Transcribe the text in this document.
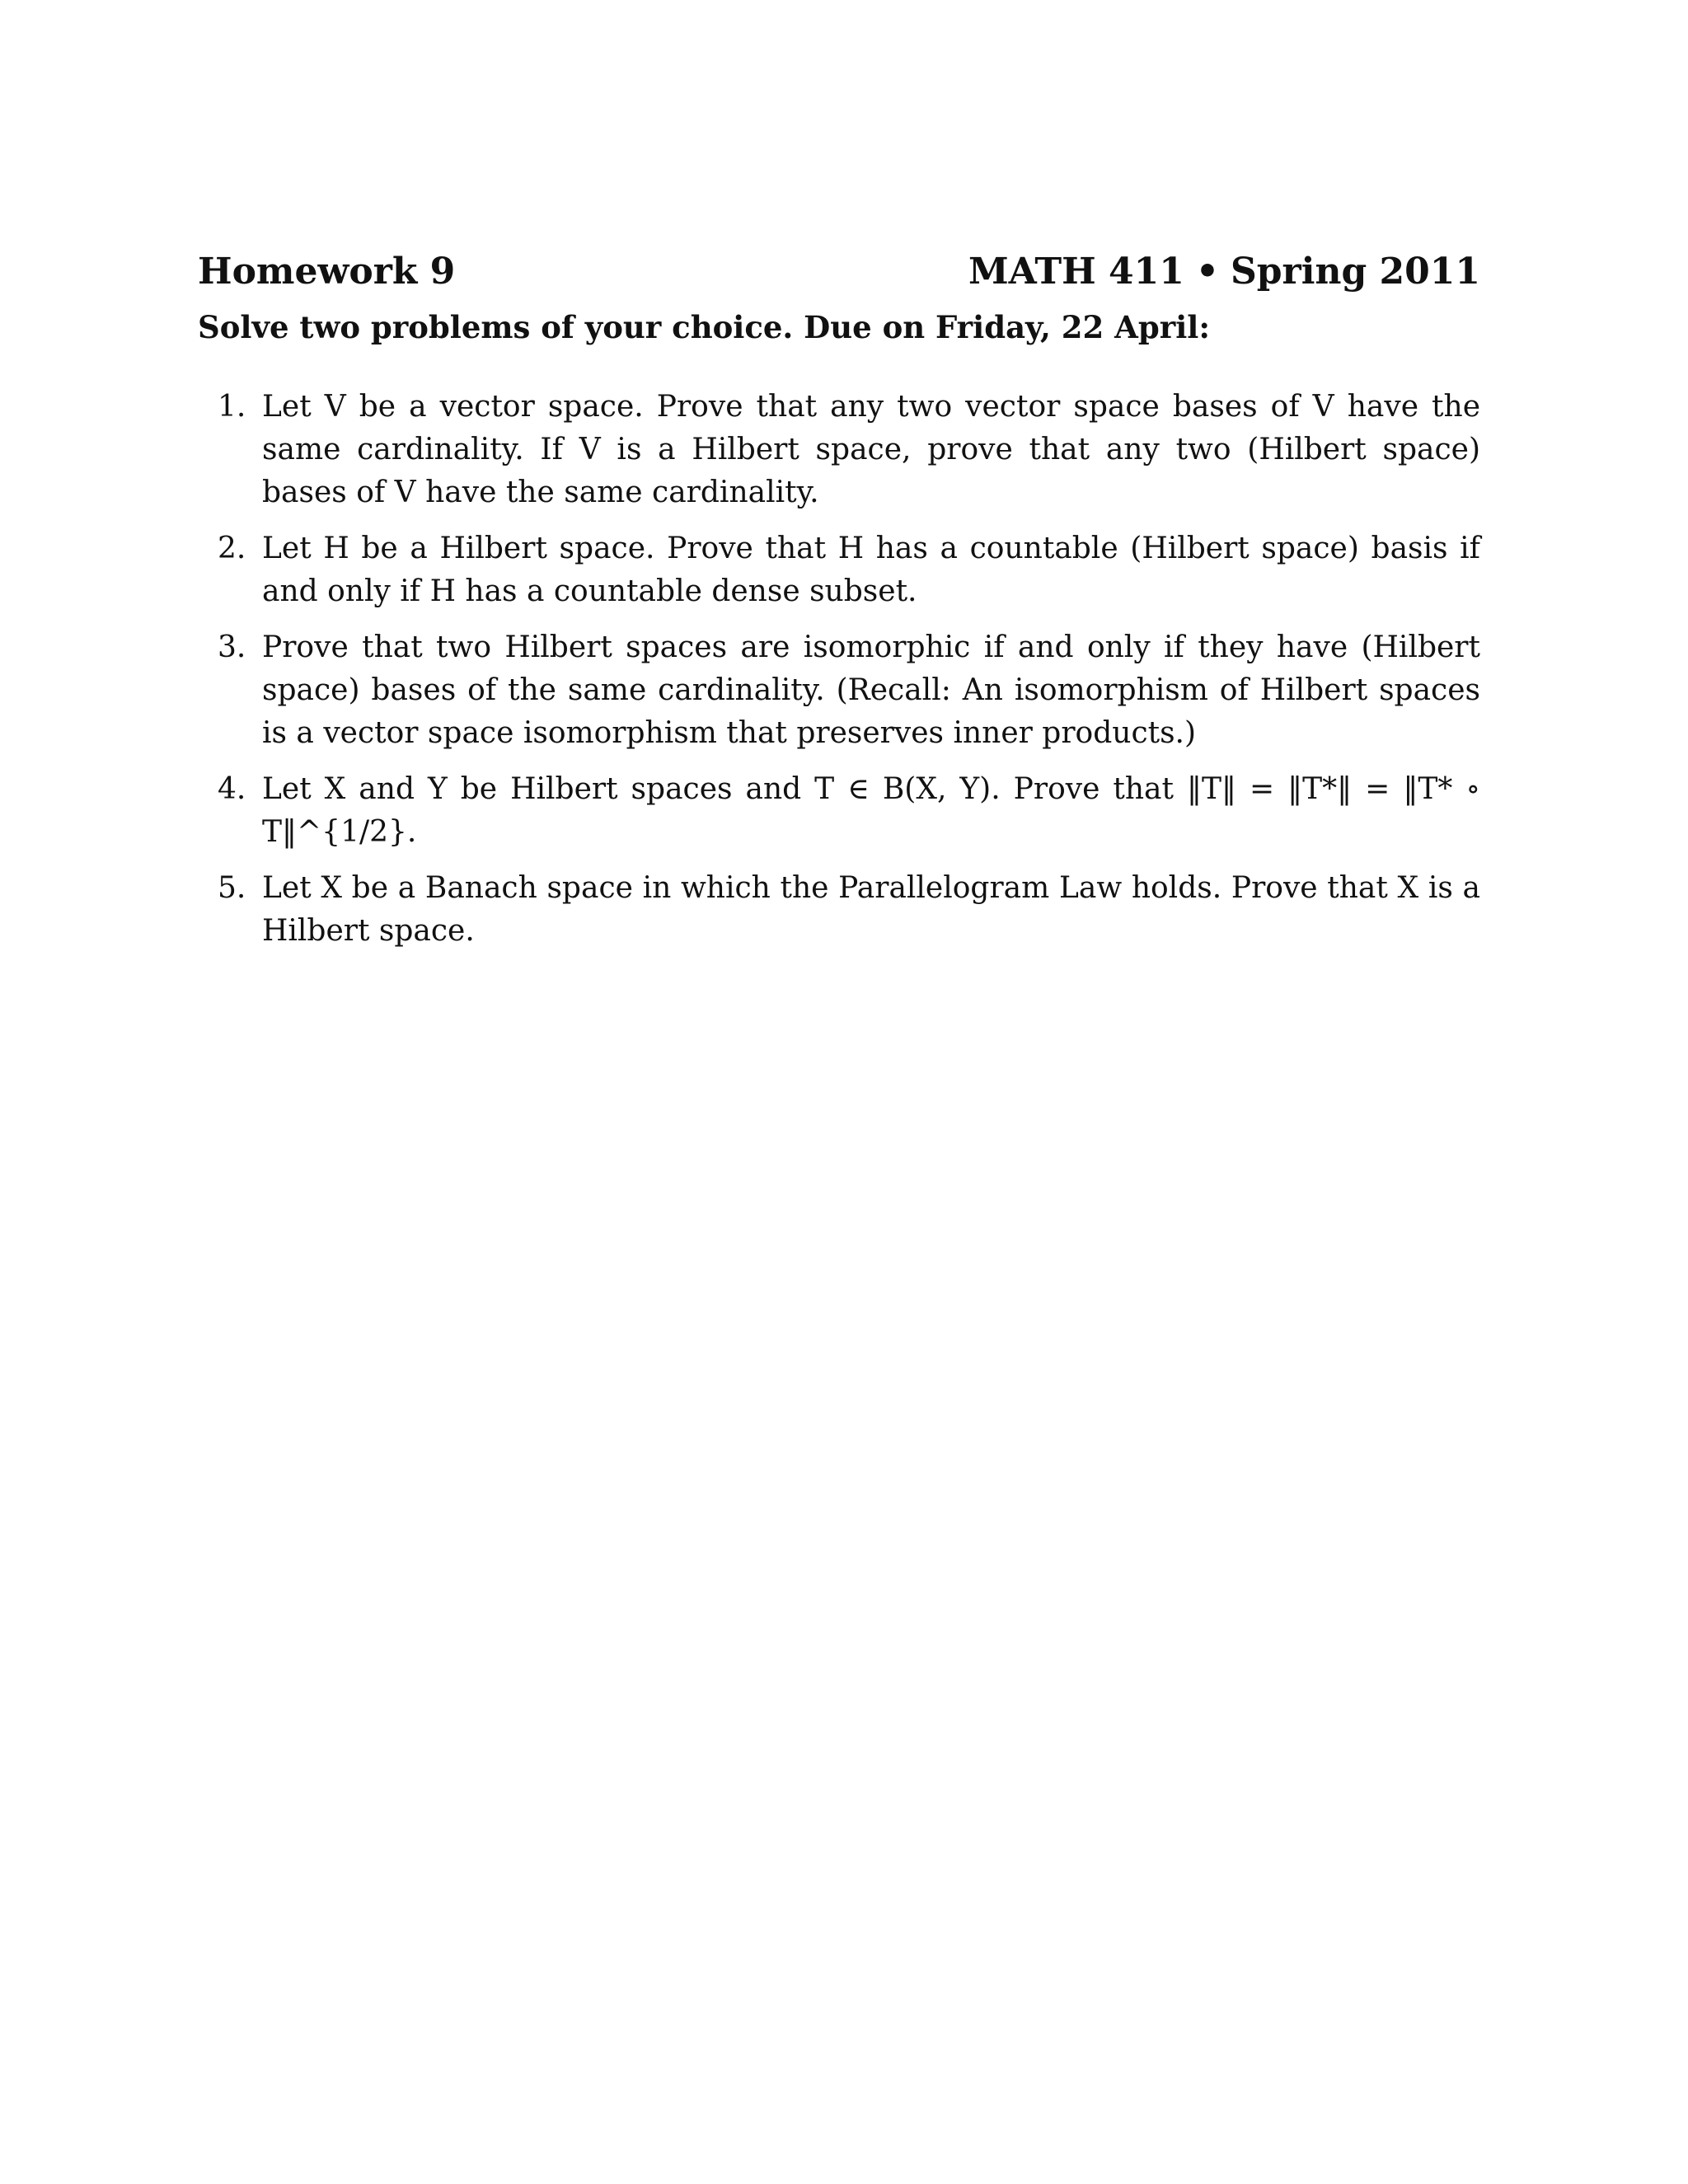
Homework 9	MATH 411 • Spring 2011
Solve two problems of your choice. Due on Friday, 22 April:
1. Let V be a vector space. Prove that any two vector space bases of V have the same cardinality. If V is a Hilbert space, prove that any two (Hilbert space) bases of V have the same cardinality.
2. Let H be a Hilbert space. Prove that H has a countable (Hilbert space) basis if and only if H has a countable dense subset.
3. Prove that two Hilbert spaces are isomorphic if and only if they have (Hilbert space) bases of the same cardinality. (Recall: An isomorphism of Hilbert spaces is a vector space isomorphism that preserves inner products.)
4. Let X and Y be Hilbert spaces and T ∈ B(X, Y). Prove that ‖T‖ = ‖T*‖ = ‖T* ∘ T‖^{1/2}.
5. Let X be a Banach space in which the Parallelogram Law holds. Prove that X is a Hilbert space.
